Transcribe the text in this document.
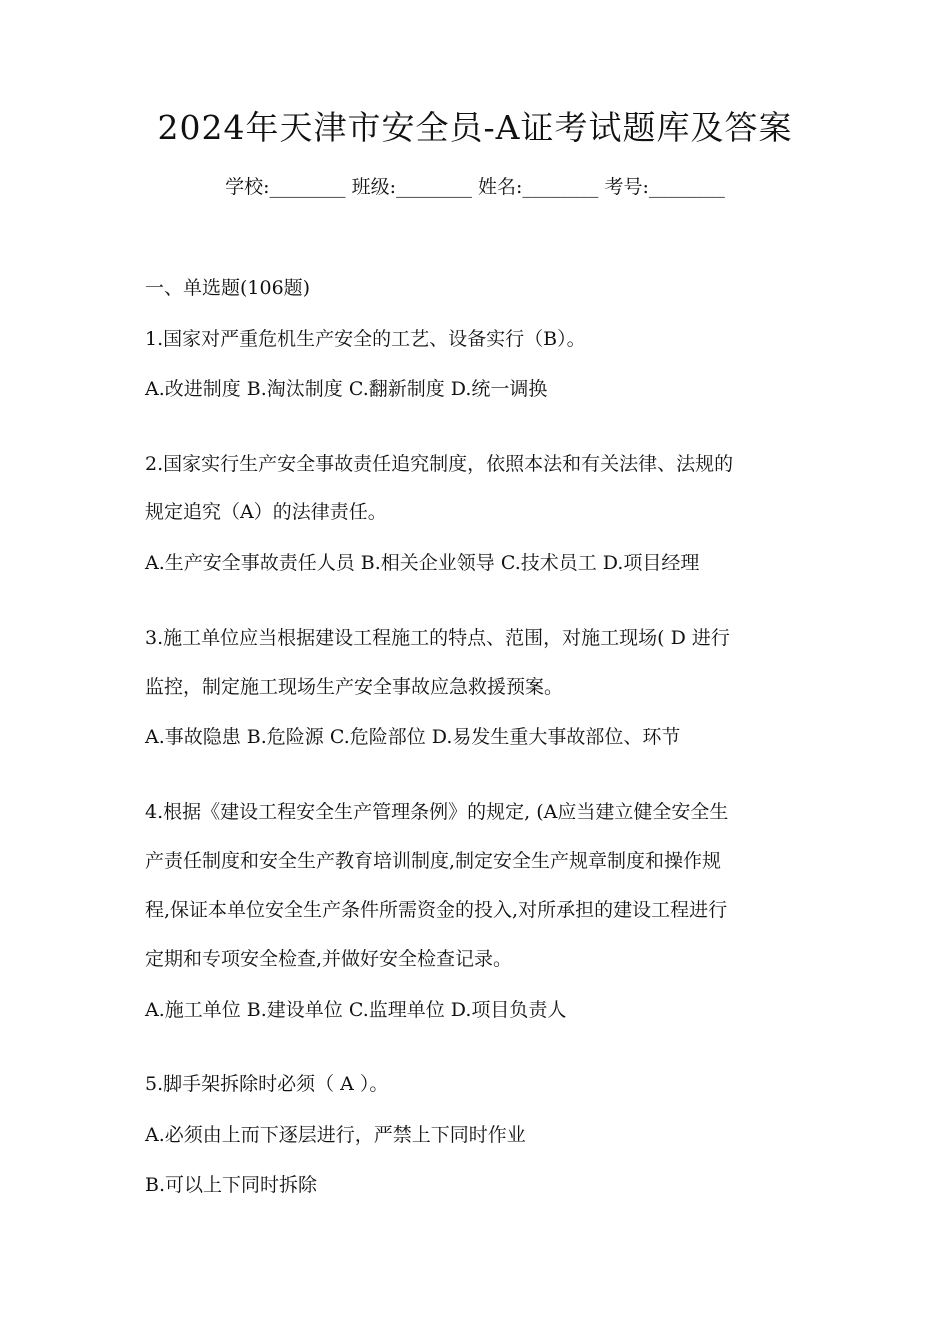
2024年天津市安全员-A证考试题库及答案
学校:________ 班级:________ 姓名:________ 考号:________
一、单选题(106题)
1.国家对严重危机生产安全的工艺、设备实行（B）。
A.改进制度 B.淘汰制度 C.翻新制度 D.统一调换
2.国家实行生产安全事故责任追究制度，依照本法和有关法律、法规的
规定追究（A）的法律责任。
A.生产安全事故责任人员 B.相关企业领导 C.技术员工 D.项目经理
3.施工单位应当根据建设工程施工的特点、范围，对施工现场( D 进行
监控，制定施工现场生产安全事故应急救援预案。
A.事故隐患 B.危险源 C.危险部位 D.易发生重大事故部位、环节
4.根据《建设工程安全生产管理条例》的规定, (A应当建立健全安全生
产责任制度和安全生产教育培训制度,制定安全生产规章制度和操作规
程,保证本单位安全生产条件所需资金的投入,对所承担的建设工程进行
定期和专项安全检查,并做好安全检查记录。
A.施工单位 B.建设单位 C.监理单位 D.项目负责人
5.脚手架拆除时必须（ A ）。
A.必须由上而下逐层进行，严禁上下同时作业
B.可以上下同时拆除
